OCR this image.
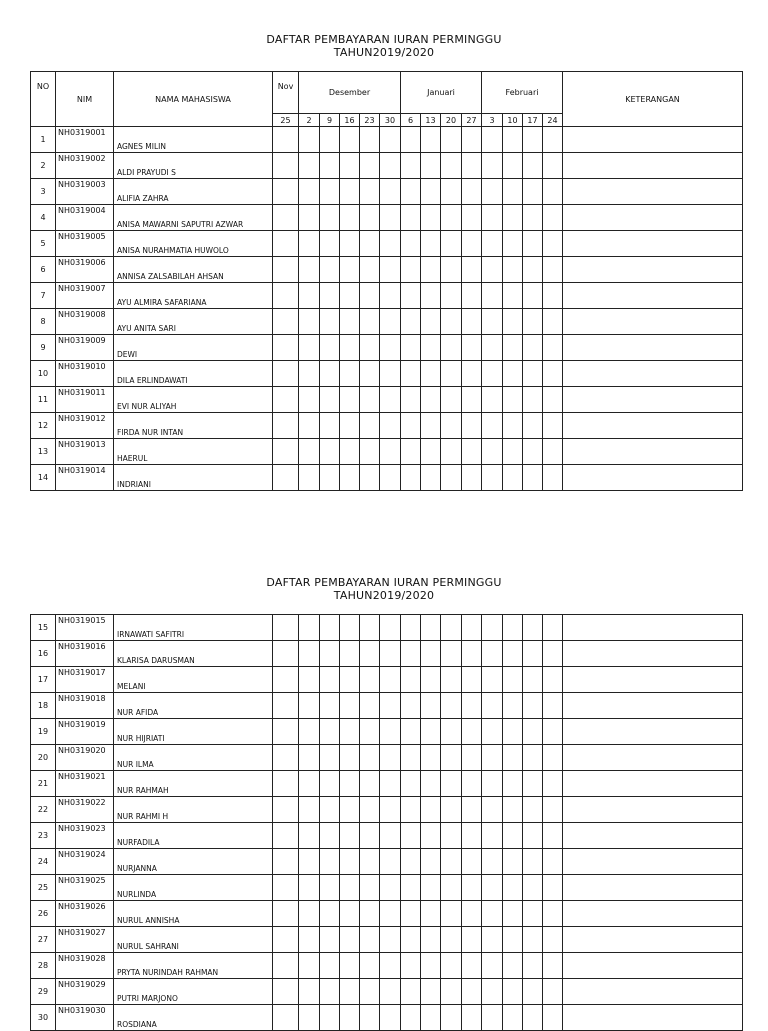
DAFTAR PEMBAYARAN IURAN PERMINGGU
TAHUN2019/2020
NO	NIM	NAMA MAHASISWA	Nov	Desember					Januari				Februari				KETERANGAN
			25	2	9	16	23	30	6	13	20	27	3	10	17	24	
1	NH0319001	AGNES MILIN															
2	NH0319002	ALDI PRAYUDI S															
3	NH0319003	ALIFIA ZAHRA															
4	NH0319004	ANISA MAWARNI SAPUTRI AZWAR															
5	NH0319005	ANISA NURAHMATIA HUWOLO															
6	NH0319006	ANNISA ZALSABILAH AHSAN															
7	NH0319007	AYU ALMIRA SAFARIANA															
8	NH0319008	AYU ANITA SARI															
9	NH0319009	DEWI															
10	NH0319010	DILA ERLINDAWATI															
11	NH0319011	EVI NUR ALIYAH															
12	NH0319012	FIRDA NUR INTAN															
13	NH0319013	HAERUL															
14	NH0319014	INDRIANI															
DAFTAR PEMBAYARAN IURAN PERMINGGU
TAHUN2019/2020
15	NH0319015	IRNAWATI SAFITRI															
16	NH0319016	KLARISA DARUSMAN															
17	NH0319017	MELANI															
18	NH0319018	NUR AFIDA															
19	NH0319019	NUR HIJRIATI															
20	NH0319020	NUR ILMA															
21	NH0319021	NUR RAHMAH															
22	NH0319022	NUR RAHMI H															
23	NH0319023	NURFADILA															
24	NH0319024	NURJANNA															
25	NH0319025	NURLINDA															
26	NH0319026	NURUL ANNISHA															
27	NH0319027	NURUL SAHRANI															
28	NH0319028	PRYTA NURINDAH RAHMAN															
29	NH0319029	PUTRI MARJONO															
30	NH0319030	ROSDIANA															
